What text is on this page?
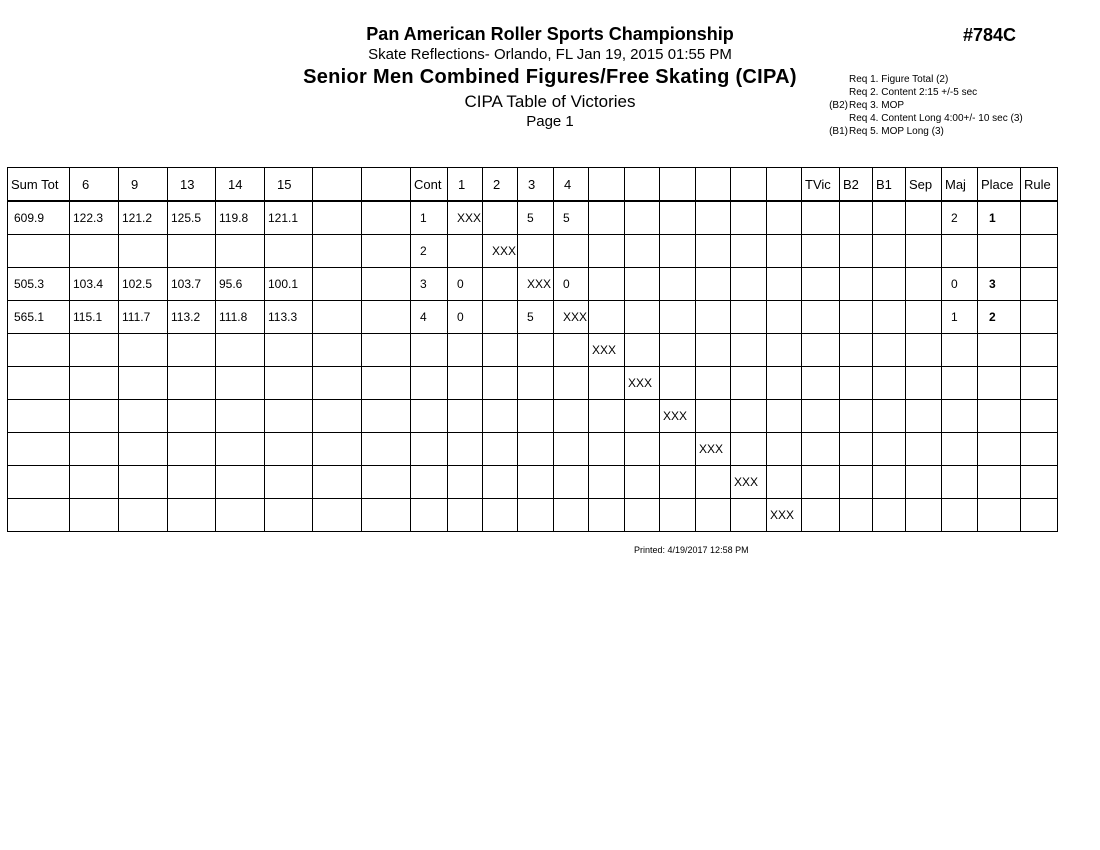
Pan American Roller Sports Championship
Skate Reflections- Orlando, FL Jan 19, 2015 01:55 PM
Senior Men Combined Figures/Free Skating (CIPA)
CIPA Table of Victories
Page 1
#784C
Req 1. Figure Total (2)
Req 2. Content 2:15 +/-5 sec
(B2) Req 3. MOP
Req 4. Content Long 4:00+/- 10 sec (3)
(B1) Req 5. MOP Long (3)
Sum Tot	6	9	13	14	15			Cont	1	2	3	4							TVic	B2	B1	Sep	Maj	Place	Rule
609.9	122.3	121.2	125.5	119.8	121.1			1	XXX		5	5											2	1	
								2		XXX															
505.3	103.4	102.5	103.7	95.6	100.1			3	0		XXX	0											0	3	
565.1	115.1	111.7	113.2	111.8	113.3			4	0		5	XXX											1	2	
													XXX												
														XXX											
															XXX										
																XXX									
																	XXX								
																		XXX							
Printed: 4/19/2017 12:58 PM
